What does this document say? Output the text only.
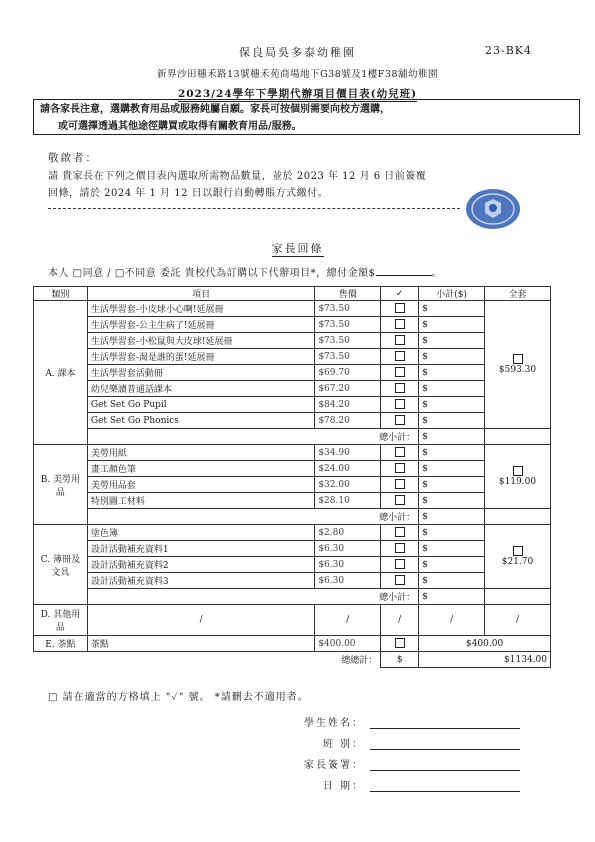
保良局吳多泰幼稚園	23-BK4
新界沙田穗禾路13號穗禾苑商場地下G38號及1樓F38舖幼稚園
2023/24學年下學期代辦項目價目表(幼兒班)
請各家長注意，選購教育用品或服務純屬自願。家長可按個別需要向校方選購，
或可選擇透過其他途徑購買或取得有關教育用品/服務。
敬啟者：
請 貴家長在下列之價目表內選取所需物品數量，並於 2023 年 12 月 6 日前簽覆
回條，請於 2024 年 1 月 12 日以銀行自動轉賬方式繳付。
家長回條
本人 □同意 / □不同意 委託 貴校代為訂購以下代辦項目*，總付金額$	。
類別	項目	售價	✓	小計($)	全套
A. 課本	生活學習套-小皮球小心啊!延展冊	$73.50		$	$593.30
	生活學習套-公主生病了!延展冊	$73.50		$	
	生活學習套-小松鼠與大皮球!延展冊	$73.50		$	
	生活學習套-渴是誰的蛋!延展冊	$73.50		$	
	生活學習套活動冊	$69.70		$	
	幼兒樂讀普通話課本	$67.20		$	
	Get Set Go Pupil	$84.20		$	
	Get Set Go Phonics	$78.20		$	
	總小計：			$	
B. 美勞用品	美勞用紙	$34.90		$	$119.00
	畫工顏色筆	$24.00		$	
	美勞用品套	$32.00		$	
	特別圖工材料	$28.10		$	
	總小計：			$	
C. 簿冊及文具	塗色簿	$2.80		$	$21.70
	設計活動補充資料1	$6.30		$	
	設計活動補充資料2	$6.30		$	
	設計活動補充資料3	$6.30		$	
	總小計：			$	
D. 其他用品	/	/	/	/	/
E. 茶點	茶點	$400.00		$400.00	
總總計：			$	$1134.00	
□ 請在適當的方格填上 "✓" 號。 *請刪去不適用者。
學生姓名：
班 別：
家長簽署：
日 期：
